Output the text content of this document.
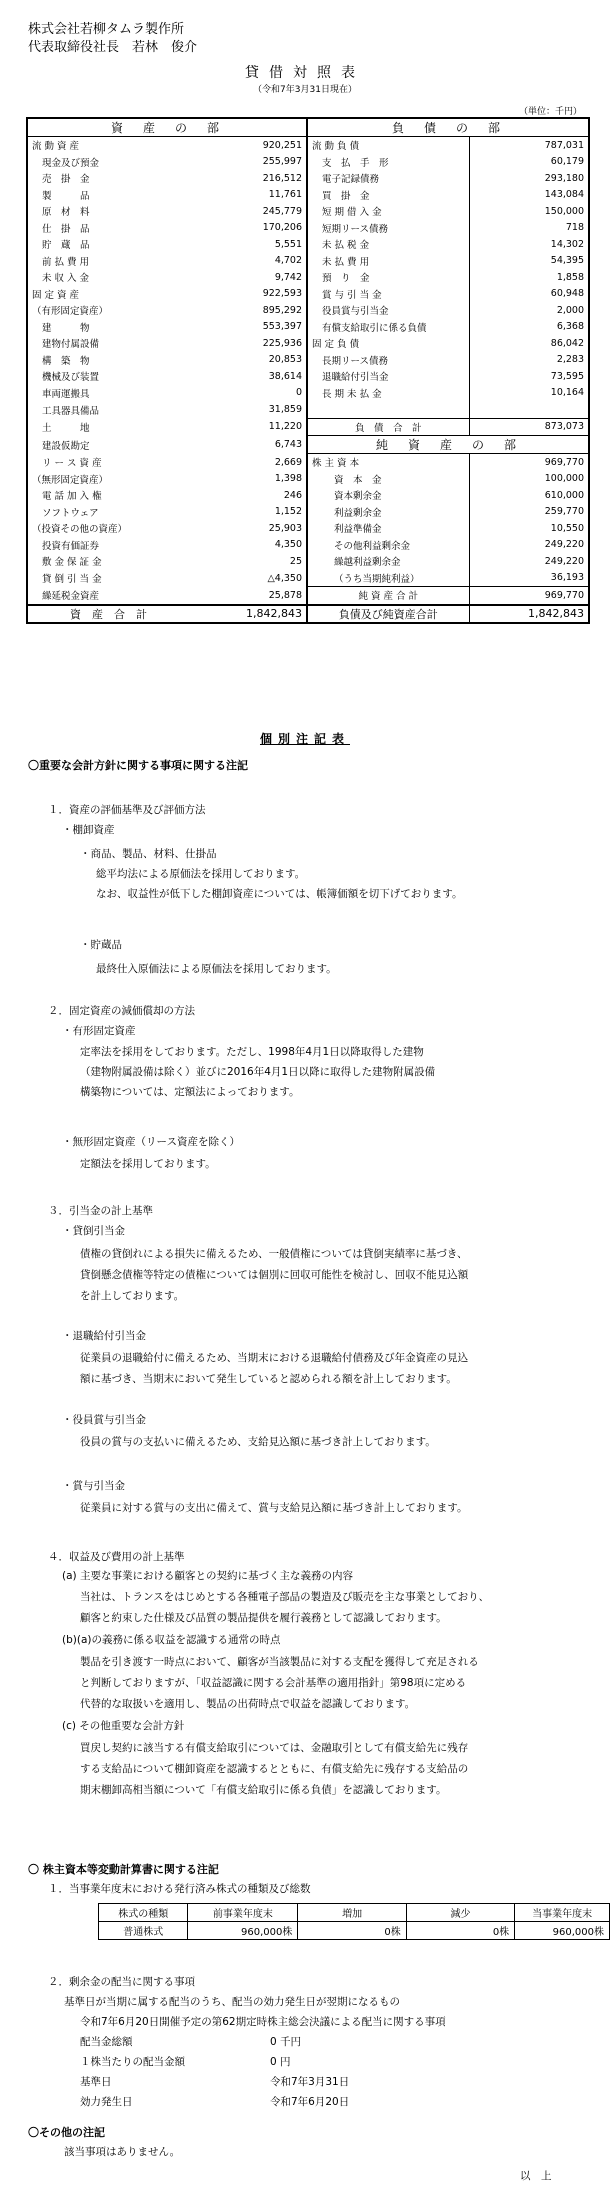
株式会社若柳タムラ製作所
代表取締役社長　若林　俊介
貸借対照表
（令和7年3月31日現在）
（単位：千円）
資　産　の　部		負　債　の　部	
流 動 資 産	920,251	流 動 負 債	787,031
現金及び預金	255,997	支　払　手　形	60,179
売　掛　金	216,512	電子記録債務	293,180
製　　　品	11,761	買　掛　金	143,084
原　材　料	245,779	短 期 借 入 金	150,000
仕　掛　品	170,206	短期リース債務	718
貯　蔵　品	5,551	未 払 税 金	14,302
前 払 費 用	4,702	未 払 費 用	54,395
未 収 入 金	9,742	預　り　金	1,858
固 定 資 産	922,593	賞 与 引 当 金	60,948
（有形固定資産）	895,292	役員賞与引当金	2,000
建　　　物	553,397	有償支給取引に係る負債	6,368
建物付属設備	225,936	固 定 負 債	86,042
構　築　物	20,853	長期リース債務	2,283
機械及び装置	38,614	退職給付引当金	73,595
車両運搬具	0	長 期 未 払 金	10,164
工具器具備品	31,859		
土　　　地	11,220	負　債　合　計	873,073
建設仮勘定	6,743	純　資　産　の　部	
リ ー ス 資 産	2,669	株 主 資 本	969,770
（無形固定資産）	1,398	資　本　金	100,000
電 話 加 入 権	246	資本剰余金	610,000
ソフトウェア	1,152	利益剰余金	259,770
（投資その他の資産）	25,903	利益準備金	10,550
投資有価証券	4,350	その他利益剰余金	249,220
敷 金 保 証 金	25	繰越利益剰余金	249,220
貸 倒 引 当 金	△4,350	（うち当期純利益）	36,193
繰延税金資産	25,878	純 資 産 合 計	969,770
資　産　合　計	1,842,843	負債及び純資産合計	1,842,843
個別注記表
〇重要な会計方針に関する事項に関する注記
１．資産の評価基準及び評価方法
・棚卸資産
・商品、製品、材料、仕掛品
総平均法による原価法を採用しております。
なお、収益性が低下した棚卸資産については、帳簿価額を切下げております。
・貯蔵品
最終仕入原価法による原価法を採用しております。
２．固定資産の減価償却の方法
・有形固定資産
定率法を採用をしております。ただし、1998年4月1日以降取得した建物
（建物附属設備は除く）並びに2016年4月1日以降に取得した建物附属設備
構築物については、定額法によっております。
・無形固定資産（リース資産を除く）
定額法を採用しております。
３．引当金の計上基準
・貸倒引当金
債権の貸倒れによる損失に備えるため、一般債権については貸倒実績率に基づき、
貸倒懸念債権等特定の債権については個別に回収可能性を検討し、回収不能見込額
を計上しております。
・退職給付引当金
従業員の退職給付に備えるため、当期末における退職給付債務及び年金資産の見込
額に基づき、当期末において発生していると認められる額を計上しております。
・役員賞与引当金
役員の賞与の支払いに備えるため、支給見込額に基づき計上しております。
・賞与引当金
従業員に対する賞与の支出に備えて、賞与支給見込額に基づき計上しております。
４．収益及び費用の計上基準
(a) 主要な事業における顧客との契約に基づく主な義務の内容
当社は、トランスをはじめとする各種電子部品の製造及び販売を主な事業としており、
顧客と約束した仕様及び品質の製品提供を履行義務として認識しております。
(b)(a)の義務に係る収益を認識する通常の時点
製品を引き渡す一時点において、顧客が当該製品に対する支配を獲得して充足される
と判断しておりますが、「収益認識に関する会計基準の適用指針」第98項に定める
代替的な取扱いを適用し、製品の出荷時点で収益を認識しております。
(c) その他重要な会計方針
買戻し契約に該当する有償支給取引については、金融取引として有償支給先に残存
する支給品について棚卸資産を認識するとともに、有償支給先に残存する支給品の
期末棚卸高相当額について「有償支給取引に係る負債」を認識しております。
〇 株主資本等変動計算書に関する注記
１．当事業年度末における発行済み株式の種類及び総数
株式の種類	前事業年度末	増加	減少	当事業年度末
普通株式	960,000株	0株	0株	960,000株
２．剰余金の配当に関する事項
基準日が当期に属する配当のうち、配当の効力発生日が翌期になるもの
令和7年6月20日開催予定の第62期定時株主総会決議による配当に関する事項
配当金総額	0 千円
１株当たりの配当金額	0 円
基準日	令和7年3月31日
効力発生日	令和7年6月20日
〇その他の注記
該当事項はありません。
以　上
